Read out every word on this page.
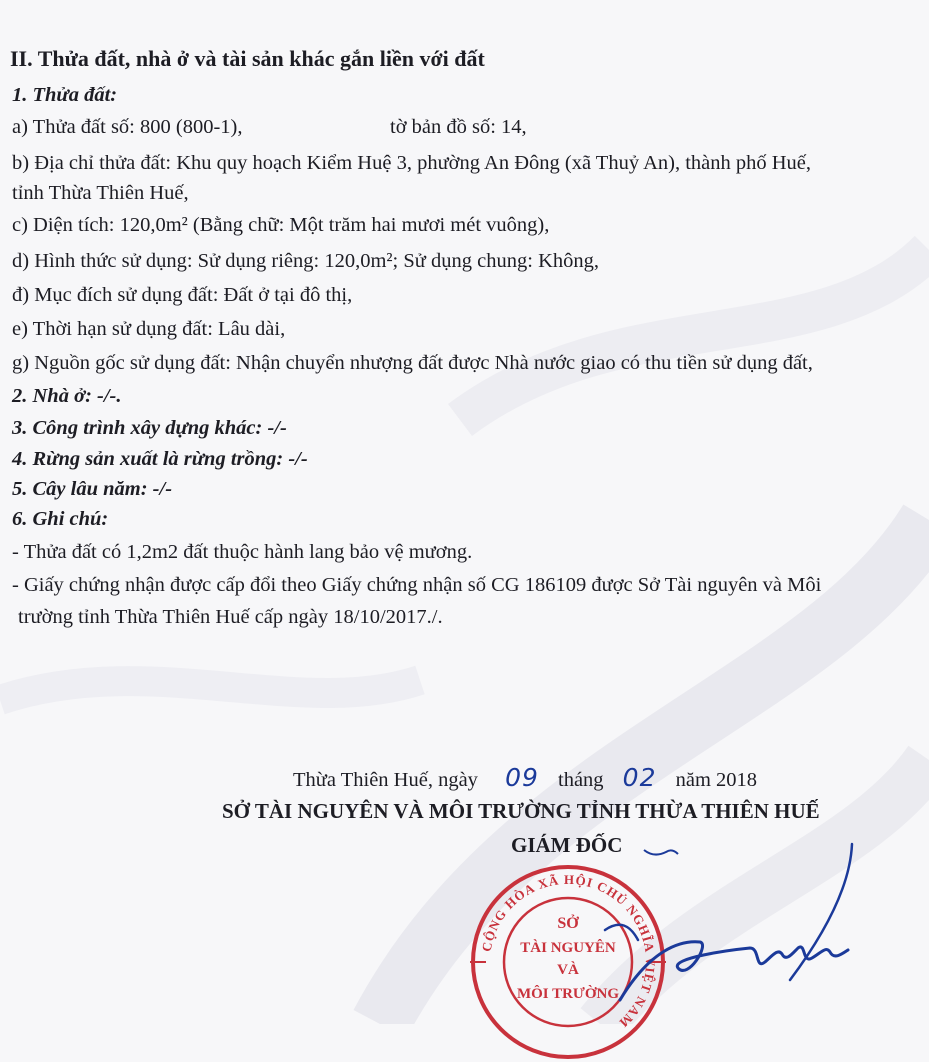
II. Thửa đất, nhà ở và tài sản khác gắn liền với đất
1. Thửa đất:
a) Thửa đất số: 800 (800-1),	tờ bản đồ số: 14,
b) Địa chỉ thửa đất: Khu quy hoạch Kiểm Huệ 3, phường An Đông (xã Thuỷ An), thành phố Huế,
tỉnh Thừa Thiên Huế,
c) Diện tích: 120,0m² (Bằng chữ: Một trăm hai mươi mét vuông),
d) Hình thức sử dụng: Sử dụng riêng: 120,0m²; Sử dụng chung: Không,
đ) Mục đích sử dụng đất: Đất ở tại đô thị,
e) Thời hạn sử dụng đất: Lâu dài,
g) Nguồn gốc sử dụng đất: Nhận chuyển nhượng đất được Nhà nước giao có thu tiền sử dụng đất,
2. Nhà ở: -/-.
3. Công trình xây dựng khác: -/-
4. Rừng sản xuất là rừng trồng: -/-
5. Cây lâu năm: -/-
6. Ghi chú:
- Thửa đất có 1,2m2 đất thuộc hành lang bảo vệ mương.
- Giấy chứng nhận được cấp đổi theo Giấy chứng nhận số CG 186109 được Sở Tài nguyên và Môi
trường tỉnh Thừa Thiên Huế cấp ngày 18/10/2017./.
Thừa Thiên Huế, ngày 09 tháng 02 năm 2018
SỞ TÀI NGUYÊN VÀ MÔI TRƯỜNG TỈNH THỪA THIÊN HUẾ
GIÁM ĐỐC
CỘNG HÒA XÃ HỘI CHỦ NGHĨA VIỆT NAM
SỞ
TÀI NGUYÊN
VÀ
MÔI TRƯỜNG
